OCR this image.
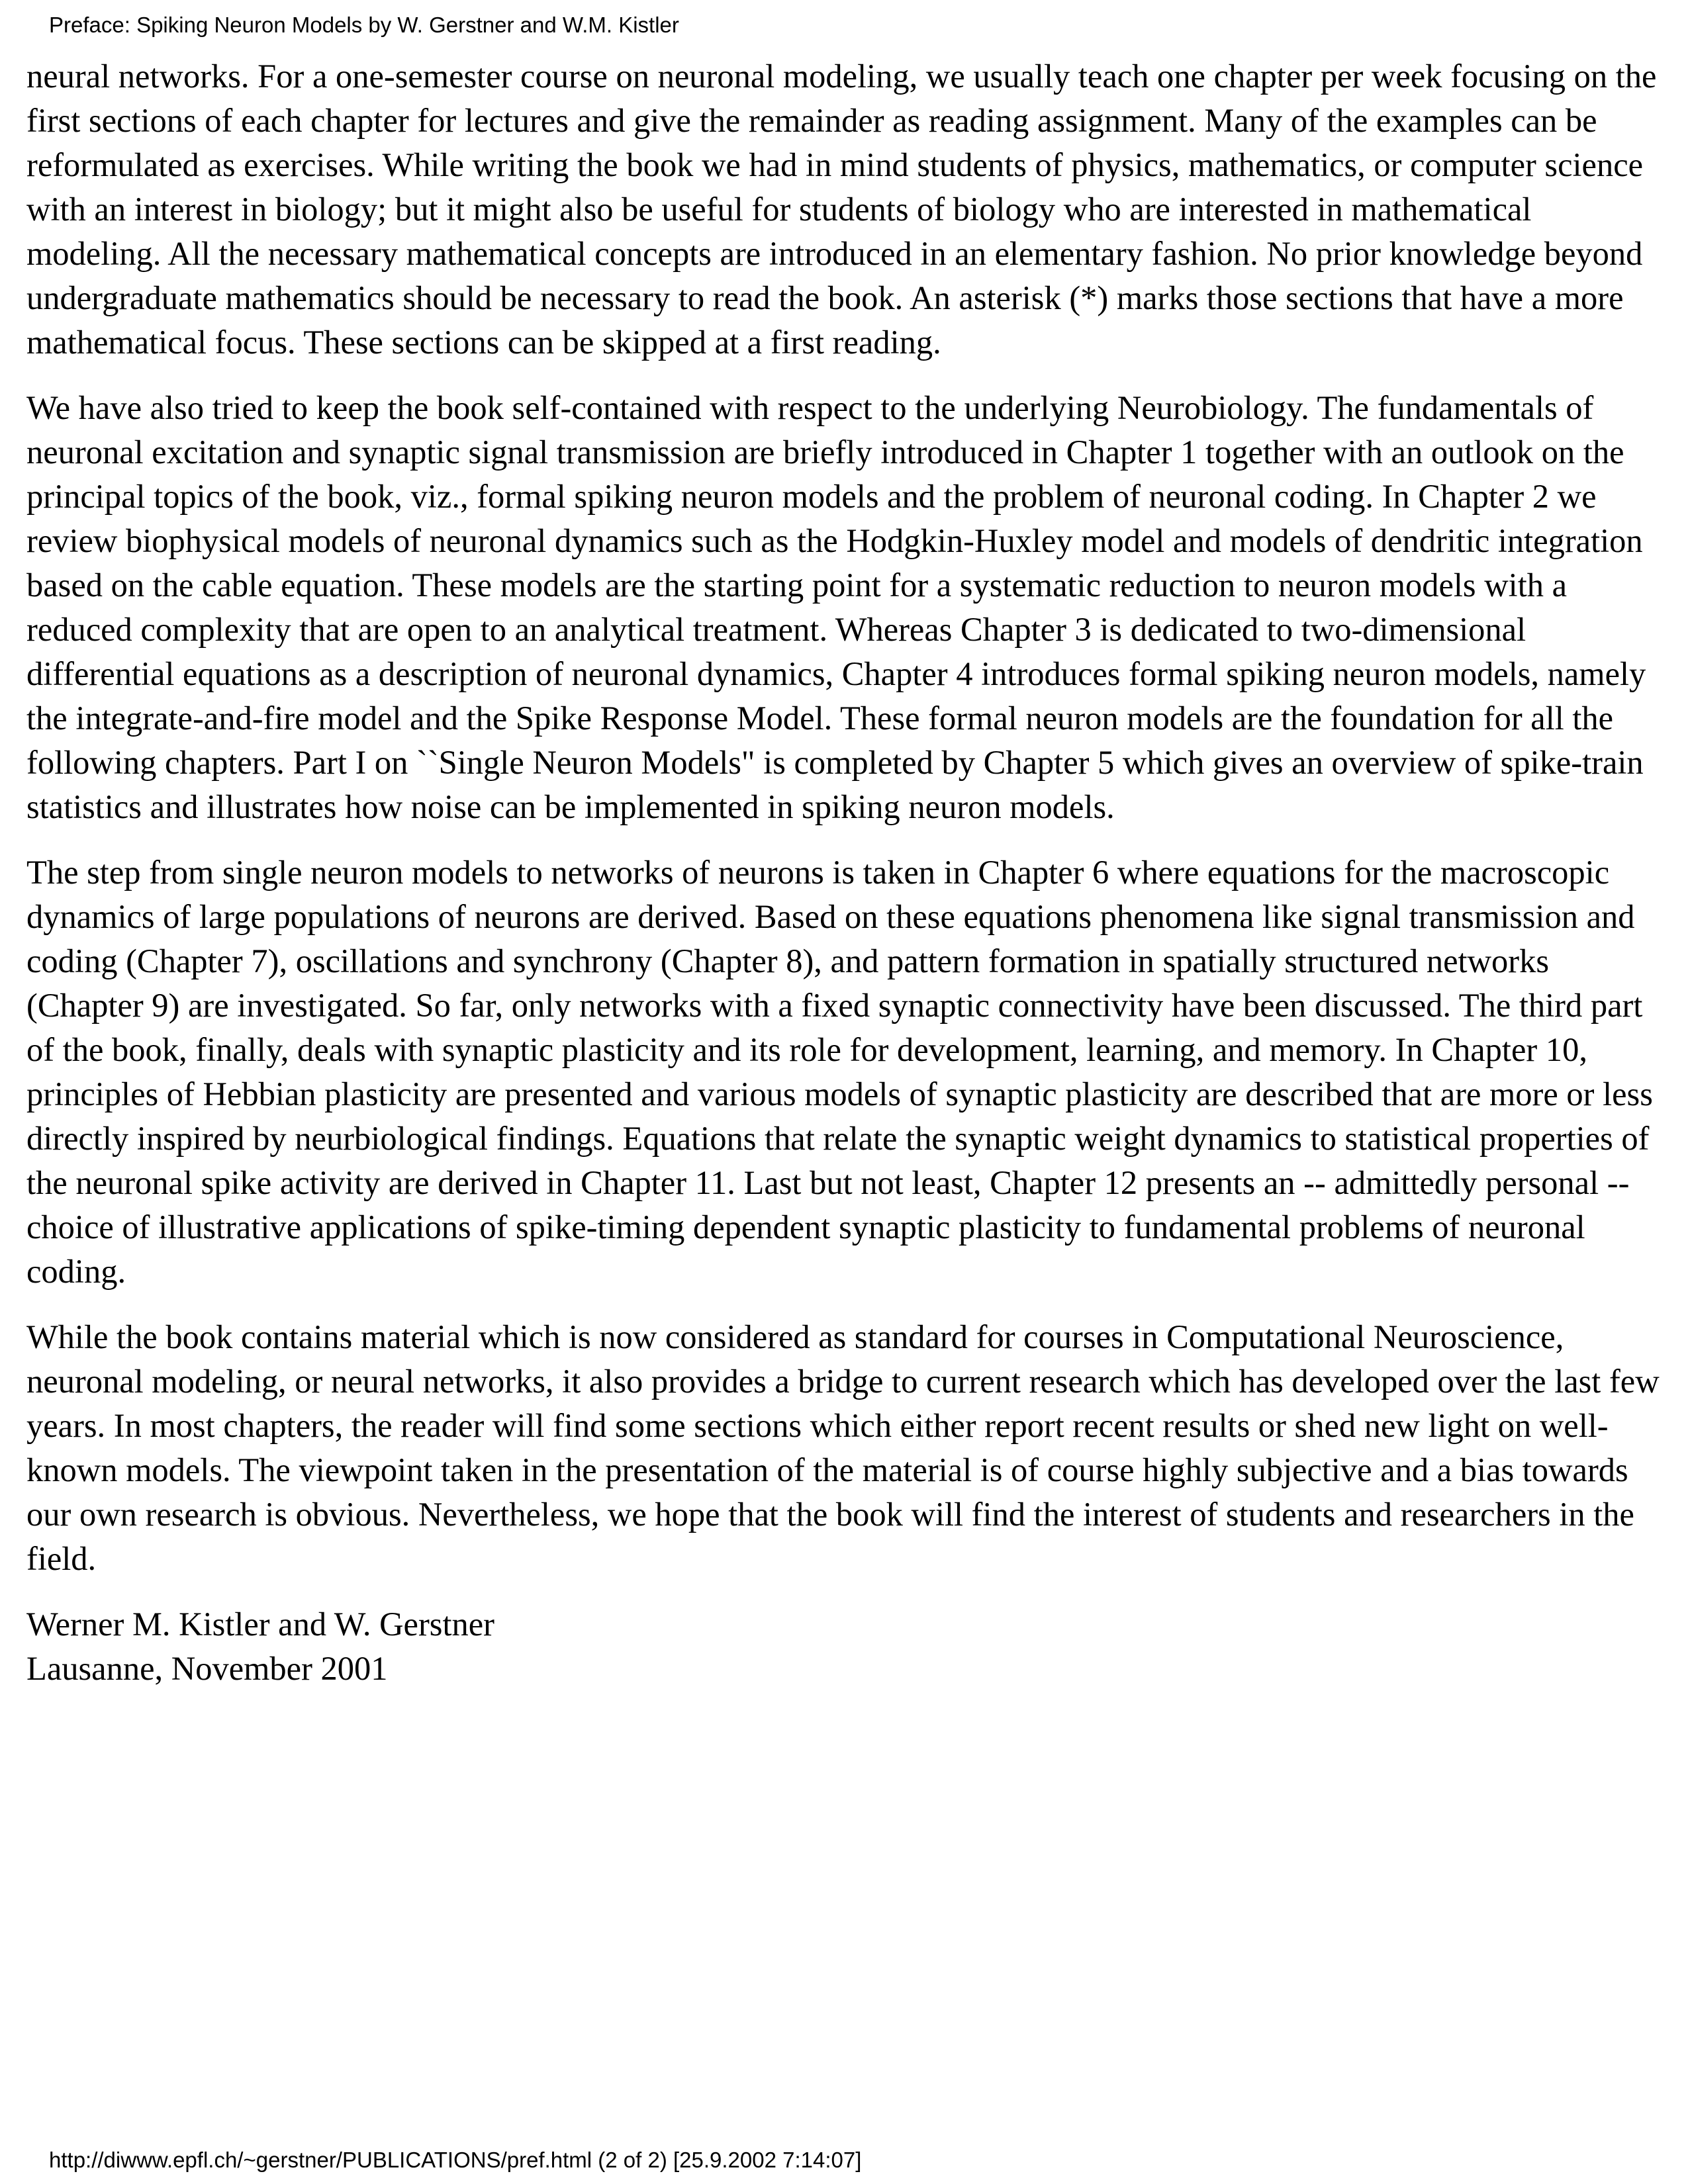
Preface: Spiking Neuron Models by W. Gerstner and W.M. Kistler

neural networks. For a one-semester course on neuronal modeling, we usually teach one chapter per week focusing on the first sections of each chapter for lectures and give the remainder as reading assignment. Many of the examples can be reformulated as exercises. While writing the book we had in mind students of physics, mathematics, or computer science with an interest in biology; but it might also be useful for students of biology who are interested in mathematical modeling. All the necessary mathematical concepts are introduced in an elementary fashion. No prior knowledge beyond undergraduate mathematics should be necessary to read the book. An asterisk (*) marks those sections that have a more mathematical focus. These sections can be skipped at a first reading.

We have also tried to keep the book self-contained with respect to the underlying Neurobiology. The fundamentals of neuronal excitation and synaptic signal transmission are briefly introduced in Chapter 1 together with an outlook on the principal topics of the book, viz., formal spiking neuron models and the problem of neuronal coding. In Chapter 2 we review biophysical models of neuronal dynamics such as the Hodgkin-Huxley model and models of dendritic integration based on the cable equation. These models are the starting point for a systematic reduction to neuron models with a reduced complexity that are open to an analytical treatment. Whereas Chapter 3 is dedicated to two-dimensional differential equations as a description of neuronal dynamics, Chapter 4 introduces formal spiking neuron models, namely the integrate-and-fire model and the Spike Response Model. These formal neuron models are the foundation for all the following chapters. Part I on ``Single Neuron Models" is completed by Chapter 5 which gives an overview of spike-train statistics and illustrates how noise can be implemented in spiking neuron models.

The step from single neuron models to networks of neurons is taken in Chapter 6 where equations for the macroscopic dynamics of large populations of neurons are derived. Based on these equations phenomena like signal transmission and coding (Chapter 7), oscillations and synchrony (Chapter 8), and pattern formation in spatially structured networks (Chapter 9) are investigated. So far, only networks with a fixed synaptic connectivity have been discussed. The third part of the book, finally, deals with synaptic plasticity and its role for development, learning, and memory. In Chapter 10, principles of Hebbian plasticity are presented and various models of synaptic plasticity are described that are more or less directly inspired by neurbiological findings. Equations that relate the synaptic weight dynamics to statistical properties of the neuronal spike activity are derived in Chapter 11. Last but not least, Chapter 12 presents an -- admittedly personal -- choice of illustrative applications of spike-timing dependent synaptic plasticity to fundamental problems of neuronal coding.

While the book contains material which is now considered as standard for courses in Computational Neuroscience, neuronal modeling, or neural networks, it also provides a bridge to current research which has developed over the last few years. In most chapters, the reader will find some sections which either report recent results or shed new light on well-known models. The viewpoint taken in the presentation of the material is of course highly subjective and a bias towards our own research is obvious. Nevertheless, we hope that the book will find the interest of students and researchers in the field.

Werner M. Kistler and W. Gerstner
Lausanne, November 2001

http://diwww.epfl.ch/~gerstner/PUBLICATIONS/pref.html (2 of 2) [25.9.2002 7:14:07]
